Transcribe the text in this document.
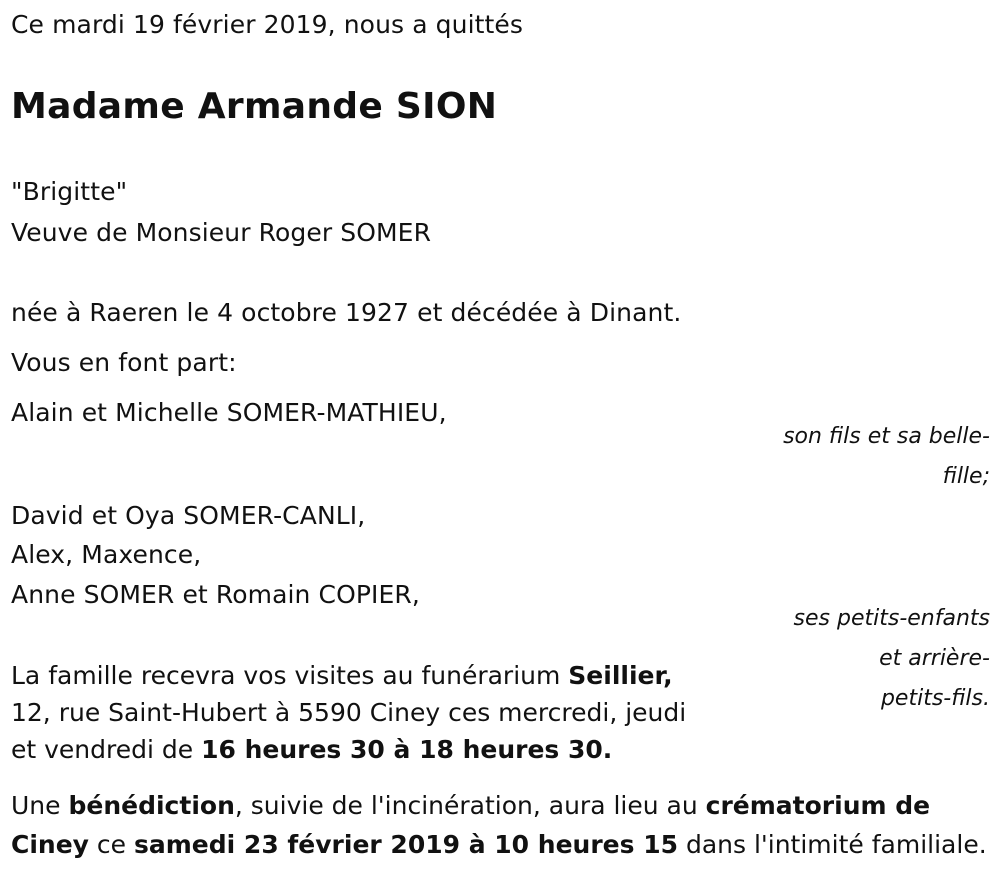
Ce mardi 19 février 2019, nous a quittés
Madame Armande SION
"Brigitte"
Veuve de Monsieur Roger SOMER
née à Raeren le 4 octobre 1927 et décédée à Dinant.
Vous en font part:
Alain et Michelle SOMER-MATHIEU,
son fils et sa belle-
fille;
David et Oya SOMER-CANLI,
Alex, Maxence,
Anne SOMER et Romain COPIER,
ses petits-enfants
et arrière-
petits-fils.
La famille recevra vos visites au funérarium Seillier,
12, rue Saint-Hubert à 5590 Ciney ces mercredi, jeudi
et vendredi de 16 heures 30 à 18 heures 30.
Une bénédiction, suivie de l'incinération, aura lieu au crématorium de
Ciney ce samedi 23 février 2019 à 10 heures 15 dans l'intimité familiale.
